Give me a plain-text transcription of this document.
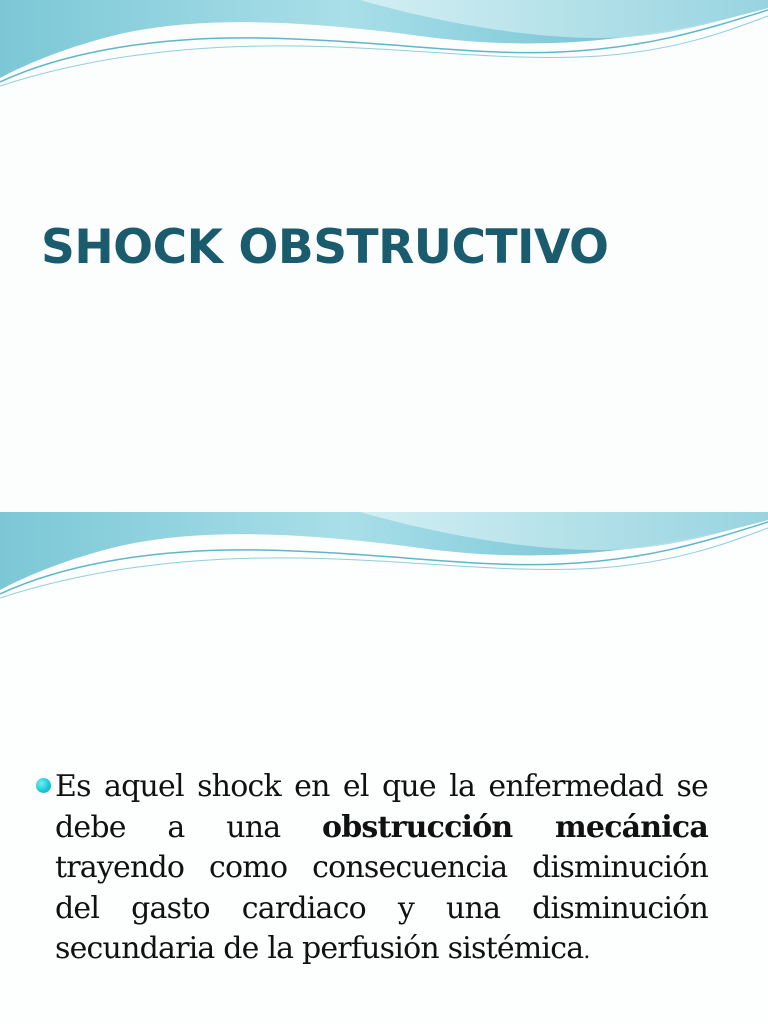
SHOCK OBSTRUCTIVO

Es aquel shock en el que la enfermedad se debe a una obstrucción mecánica trayendo como consecuencia disminución del gasto cardiaco y una disminución secundaria de la perfusión sistémica.
